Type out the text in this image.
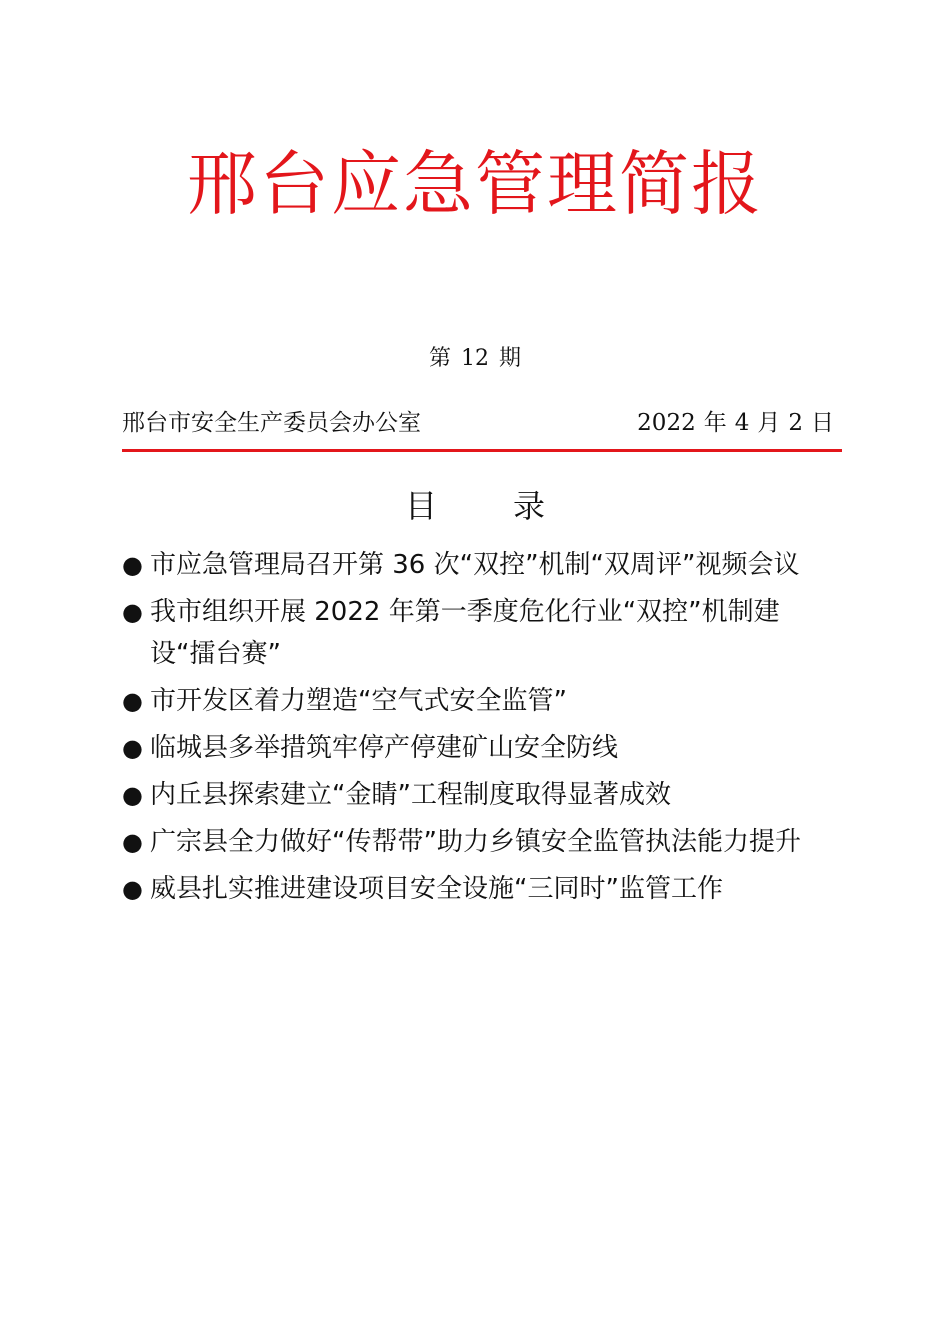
邢台应急管理简报
第 12 期
邢台市安全生产委员会办公室	2022 年 4 月 2 日
目 录
● 市应急管理局召开第 36 次“双控”机制“双周评”视频会议
● 我市组织开展 2022 年第一季度危化行业“双控”机制建设“擂台赛”
● 市开发区着力塑造“空气式安全监管”
● 临城县多举措筑牢停产停建矿山安全防线
● 内丘县探索建立“金睛”工程制度取得显著成效
● 广宗县全力做好“传帮带”助力乡镇安全监管执法能力提升
● 威县扎实推进建设项目安全设施“三同时”监管工作
